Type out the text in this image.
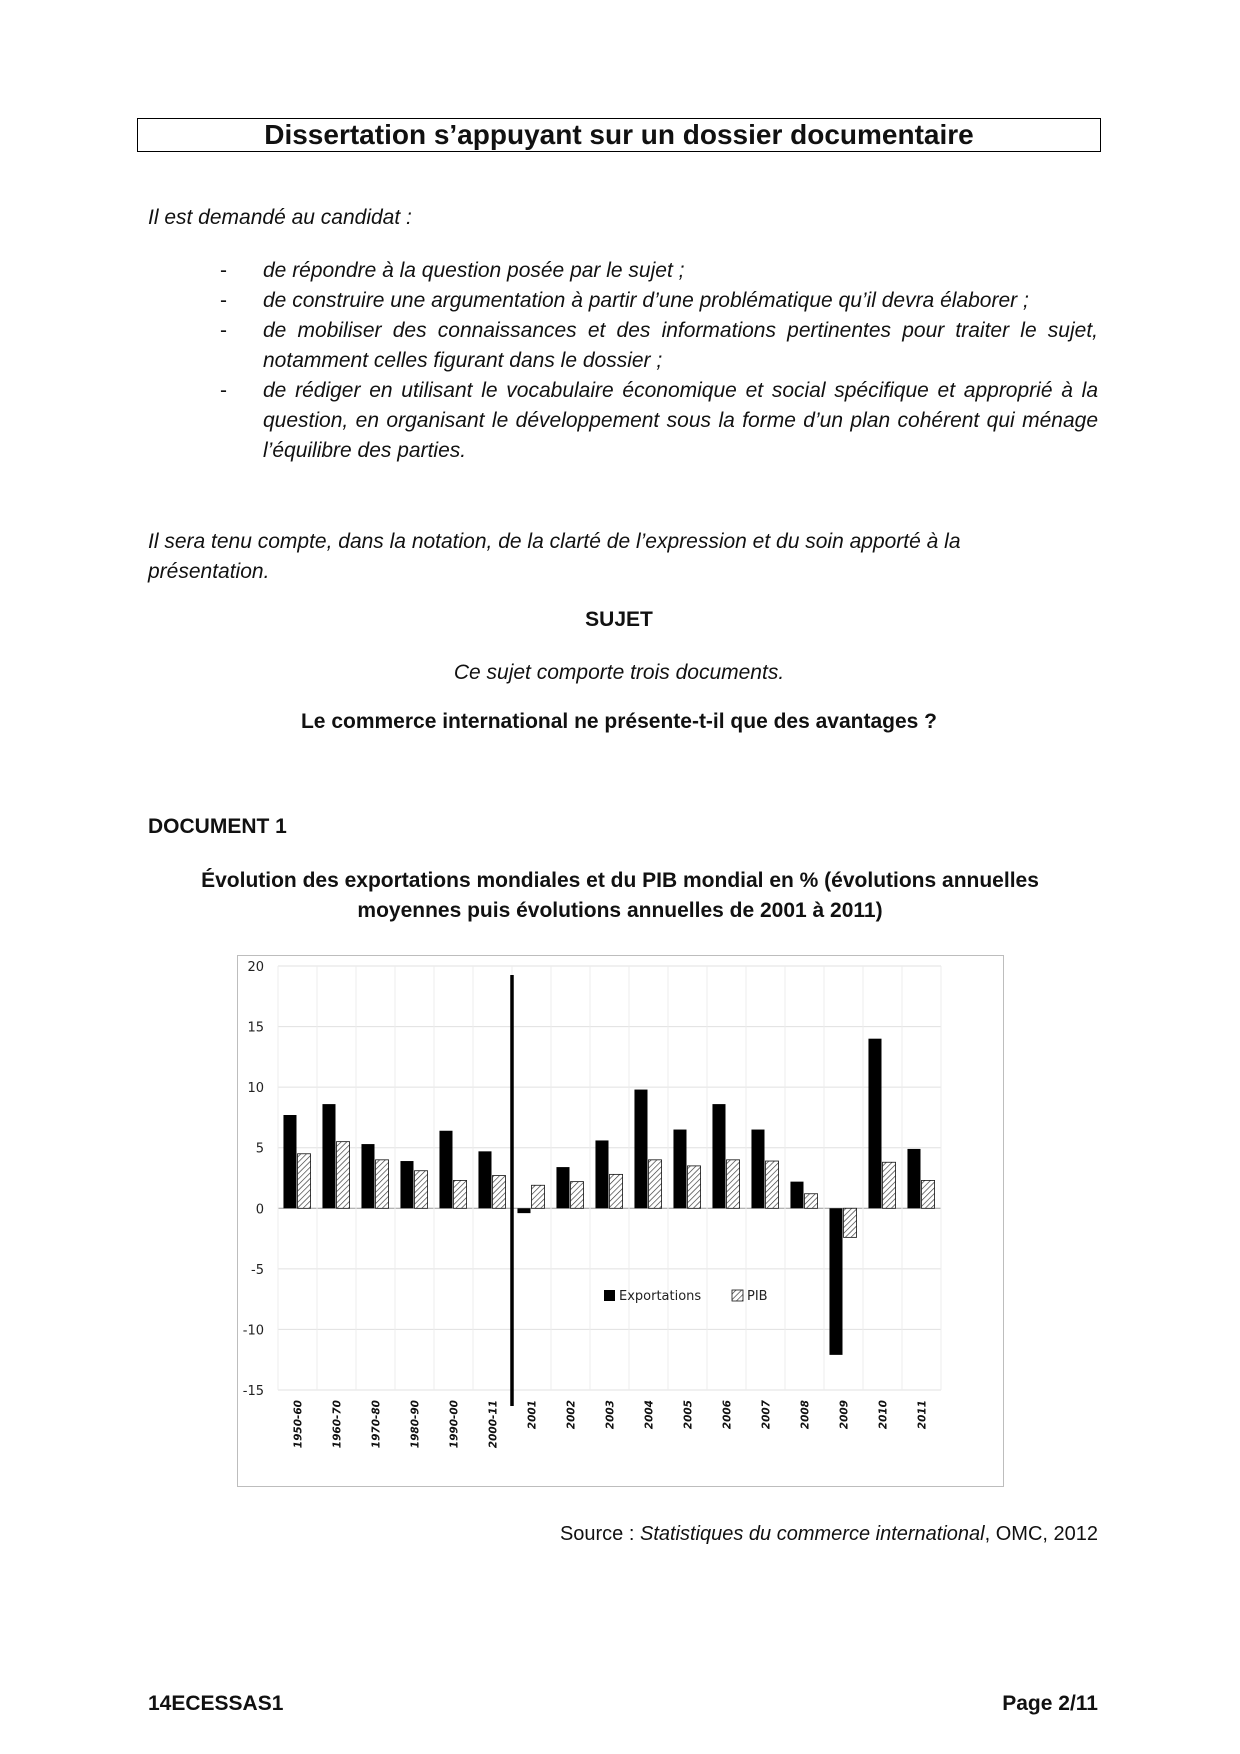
Dissertation s’appuyant sur un dossier documentaire
Il est demandé au candidat :
- de répondre à la question posée par le sujet ;
- de construire une argumentation à partir d’une problématique qu’il devra élaborer ;
- de mobiliser des connaissances et des informations pertinentes pour traiter le sujet, notamment celles figurant dans le dossier ;
- de rédiger en utilisant le vocabulaire économique et social spécifique et approprié à la question, en organisant le développement sous la forme d’un plan cohérent qui ménage l’équilibre des parties.
Il sera tenu compte, dans la notation, de la clarté de l’expression et du soin apporté à la présentation.
SUJET
Ce sujet comporte trois documents.
Le commerce international ne présente-t-il que des avantages ?
DOCUMENT 1
Évolution des exportations mondiales et du PIB mondial en % (évolutions annuelles moyennes puis évolutions annuelles de 2001 à 2011)
20
15
10
5
0
-5
-10
-15
1950-60	1960-70	1970-80	1980-90	1990-00	2000-11	2001	2002	2003	2004	2005	2006	2007	2008	2009	2010	2011
Exportations	PIB
Source : Statistiques du commerce international, OMC, 2012
14ECESSAS1	Page 2/11
